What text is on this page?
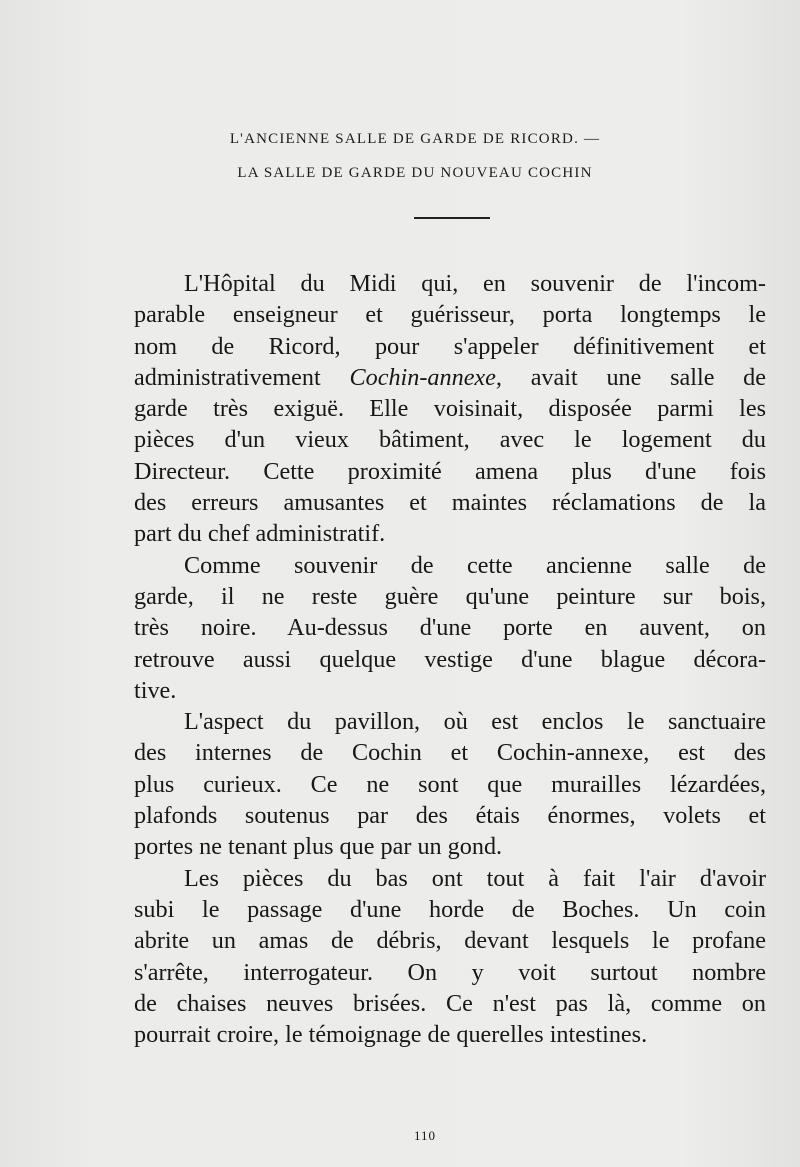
L'ANCIENNE SALLE DE GARDE DE RICORD. —
LA SALLE DE GARDE DU NOUVEAU COCHIN
L'Hôpital du Midi qui, en souvenir de l'incom-
parable enseigneur et guérisseur, porta longtemps le
nom de Ricord, pour s'appeler définitivement et
administrativement Cochin-annexe, avait une salle de
garde très exiguë. Elle voisinait, disposée parmi les
pièces d'un vieux bâtiment, avec le logement du
Directeur. Cette proximité amena plus d'une fois
des erreurs amusantes et maintes réclamations de la
part du chef administratif.
Comme souvenir de cette ancienne salle de
garde, il ne reste guère qu'une peinture sur bois,
très noire. Au-dessus d'une porte en auvent, on
retrouve aussi quelque vestige d'une blague décora-
tive.
L'aspect du pavillon, où est enclos le sanctuaire
des internes de Cochin et Cochin-annexe, est des
plus curieux. Ce ne sont que murailles lézardées,
plafonds soutenus par des étais énormes, volets et
portes ne tenant plus que par un gond.
Les pièces du bas ont tout à fait l'air d'avoir
subi le passage d'une horde de Boches. Un coin
abrite un amas de débris, devant lesquels le profane
s'arrête, interrogateur. On y voit surtout nombre
de chaises neuves brisées. Ce n'est pas là, comme on
pourrait croire, le témoignage de querelles intestines.
110
